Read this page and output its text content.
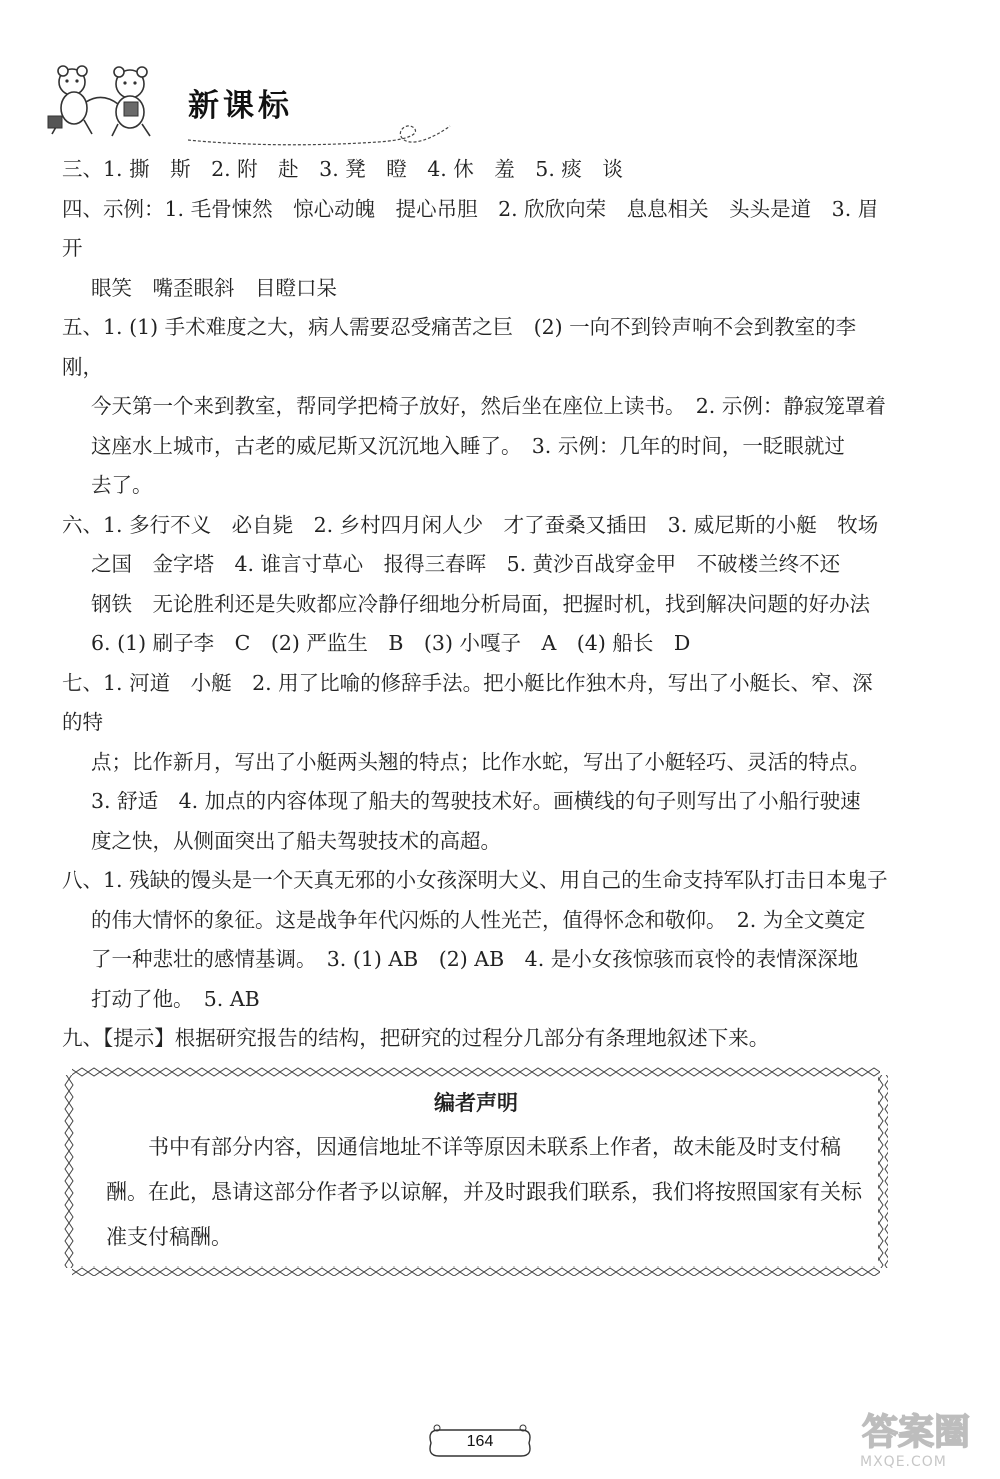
新课标

三、1. 撕　斯　2. 附　赴　3. 凳　瞪　4. 休　羞　5. 痰　谈

四、示例：1. 毛骨悚然　惊心动魄　提心吊胆　2. 欣欣向荣　息息相关　头头是道　3. 眉开

眼笑　嘴歪眼斜　目瞪口呆

五、1. (1) 手术难度之大，病人需要忍受痛苦之巨　(2) 一向不到铃声响不会到教室的李刚，

今天第一个来到教室，帮同学把椅子放好，然后坐在座位上读书。　2. 示例：静寂笼罩着
这座水上城市，古老的威尼斯又沉沉地入睡了。　3. 示例：几年的时间，一眨眼就过
去了。

六、1. 多行不义　必自毙　2. 乡村四月闲人少　才了蚕桑又插田　3. 威尼斯的小艇　牧场

之国　金字塔　4. 谁言寸草心　报得三春晖　5. 黄沙百战穿金甲　不破楼兰终不还
钢铁　无论胜利还是失败都应冷静仔细地分析局面，把握时机，找到解决问题的好办法
6. (1) 刷子李　C　(2) 严监生　B　(3) 小嘎子　A　(4) 船长　D

七、1. 河道　小艇　2. 用了比喻的修辞手法。把小艇比作独木舟，写出了小艇长、窄、深的特

点；比作新月，写出了小艇两头翘的特点；比作水蛇，写出了小艇轻巧、灵活的特点。
3. 舒适　4. 加点的内容体现了船夫的驾驶技术好。画横线的句子则写出了小船行驶速
度之快，从侧面突出了船夫驾驶技术的高超。

八、1. 残缺的馒头是一个天真无邪的小女孩深明大义、用自己的生命支持军队打击日本鬼子

的伟大情怀的象征。这是战争年代闪烁的人性光芒，值得怀念和敬仰。　2. 为全文奠定
了一种悲壮的感情基调。　3. (1) AB　(2) AB　4. 是小女孩惊骇而哀怜的表情深深地
打动了他。　5. AB

九、【提示】根据研究报告的结构，把研究的过程分几部分有条理地叙述下来。

编者声明

书中有部分内容，因通信地址不详等原因未联系上作者，故未能及时支付稿酬。在此，恳请这部分作者予以谅解，并及时跟我们联系，我们将按照国家有关标准支付稿酬。

164	答案圈
MXQE.COM
